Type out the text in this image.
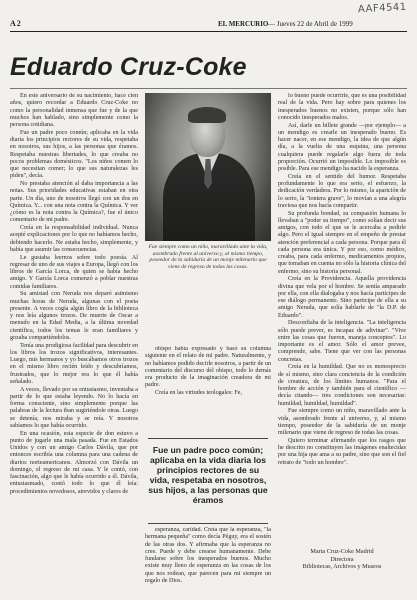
AAF4541
A2	EL MERCURIO — Jueves 22 de Abril de 1999
Eduardo Cruz-Coke

En este aniversario de su nacimiento, hace cien años, quiero recordar a Eduardo Cruz-Coke no como la personalidad inmensa que fue y de la que muchos han hablado, sino simplemente como la persona cotidiana.

Fue un padre poco común; aplicaba en la vida diaria los principios rectores de su vida, respetaba en nosotros, sus hijos, a las personas que éramos. Respetaba nuestras libertades, lo que creaba no pocos problemas domésticos. "Los niños comen lo que necesitan comer; lo que sus naturalezas les piden", decía.

No prestaba atención al daba importancia a las notas. Sus prioridades educativas estaban en otra parte. Un día, uno de nosotros llegó con un dos en Química. Y... con una nota contra la Química. Y ver ¿cómo es la nota contra la Química?, fue el único comentario de mi padre.

Creía en la responsabilidad individual. Nunca acepté explicaciones por lo que no habíamos hecho, debiendo hacerlo. Ne estaba hecho, simplemente, y había que asumir las consecuencias.

Le gustaba leernos sobre todo poesía. Al regresar de uno de sus viajes a Europa, llegó con los libros de García Lorca, de quien se había hecho amigo. Y García Lorca comenzó a poblar nuestras comidas familiares.

Su amistad con Neruda nos deparó asimismo muchas horas de Neruda, algunas con el poeta presente. A veces cogía algún libro de la biblioteca y nos leía algunos trozos. De muerte de Oscar a menudo en la Edad Media, a la última novedad científica, todos los temas le eran familiares y gozaba compartiéndolos.

Tenía una prodigiosa facilidad para descubrir en los libros los trozos significativos, interesantes. Luego, mis hermanos y yo buscábamos otros trozos en el mismo libro recién leído y descubríamos, frustrados, que lo mejor era lo que él había señalado.

A veces, llevado por su entusiasmo, inventaba a partir de lo que estaba leyendo. No lo hacía en forma consciente, sino simplemente porque las palabras de la lectura iban sugiriéndole otras. Luego se detenía, nos miraba y se reía. Y nosotros sabíamos lo que había ocurrido.

En una ocasión, esta especie de don estuvo a punto de jugarle una mala pasada. Fue en Estados Unidos y con un amigo Carlos Dávila, que por entonces escribía una columna para una cadena de diarios norteamericanos. Almorzó con Dávila un domingo, el regreso de mi casa. Y le contó, con fascinación, algo que le había ocurrido a él. Dávila, entusiasmado, contó todo lo que él leía: procedimientos novedosos, atrevidos y claros de

Fue siempre como un niño, maravillado ante la vida, asombrado frente al universo y, al mismo tiempo, poseedor de la sabiduría de un monje milenario que viene de regreso de todas las cosas.

obispo había expresado y basó su columna siguiente en el relato de mi padre. Naturalmente, y no habíamos podido decirle nosotros, a partir de un comentario del discurso del obispo, todo lo demás era producto de la imaginación creadora de mi padre.

Creía en las virtudes teologales: Fe,

Fue un padre poco común; aplicaba en la vida diaria los principios rectores de su vida, respetaba en nosotros, sus hijos, a las personas que éramos

esperanza, caridad. Creía que la esperanza, "la hermana pequeña" como decía Péguy, era el sostén de las otras dos. Y afirmaba que la esperanza no cree. Puede y debe crearse humanamente. Debe fundarse sobre los inesperados buenos. Mucho existe muy lleno de esperanza en las cosas de los que nos rodean, que parecen para mi siempre un regalo de Dios.

lo bueno puede ocurrirle, que es una posibilidad real de la vida. Pero hay sobre para quienes los inesperados buenos no existen, porque sólo han conocido inesperados malos.

Así, darle un billete grande —por ejemplo— a un mendigo es crearle un inesperado bueno. Es hacer nacer, en ese mendigo, la idea de que algún día, a la vuelta de una esquina, una persona cualquiera puede regalarle algo fuera de toda proporción. Ocurrió un imposible. Lo imposible es posible. Para ese mendigo ha nacido la esperanza.

Creía en el sentido del humor. Respetaba profundamente lo que era serio, el esfuerzo, la dedicación verdadera. Por lo mismo, la aparición de lo serio, la "tontera grave", lo movían a una alegría traviesa que nos hacía compartir.

Su profunda bondad, su compasión humana lo llevaban a "poder su tiempo", como solían decir sus amigos, con todo el que se le acercaba a pedirle algo. Pero el igual siempre en el empeño de prestar atención preferencial a cada persona. Porque para él cada persona era única. Y por eso, como médico, creaba, para cada enfermo, medicamentos propios, que tomaban en cuenta no sólo la historia clínica del enfermo, sino su historia personal.

Creía en la Providencia. Aquella providencia divina que vela por el hombre. Se sentía amparado por ella, con ella dialogaba y nos hacía partícipes de ese diálogo permanente. Sino participe de ella a su amigo Neruda, que solía hablarle de "la D.P. de Eduardo".

Desconfiaba de la inteligencia. "La inteligencia sólo puede prever, es incapaz de adivinar". "Vive entre las cosas que fueron, maneja conceptos". Lo importante es el amor. Sólo el amor prevee, comprende, sabe. Tiene que ver con las personas concretas.

Creía en la humildad. Que no es monosprecio de sí mismo, sino clara conciencia de la condición de creatura, de los límites humanos. "Para el hombre de acción y también para el científico —decía citando— tres condiciones son necesarias: humildad, humildad, humildad".

Fue siempre como un niño, maravillado ante la vida, asombrado frente al universo, y, al mismo tiempo, poseedor de la sabiduría de un monje milenario que viene de regreso de todas las cosas.

Quiero terminar afirmando que los rasgos que he descrito no constituyen las imágenes enaltecidas por una hija que ama a su padre, sino que son el fiel retrato de "todo un hombre".

Marta Cruz-Coke Madrid
Directora
Bibliotecas, Archivos y Museos
